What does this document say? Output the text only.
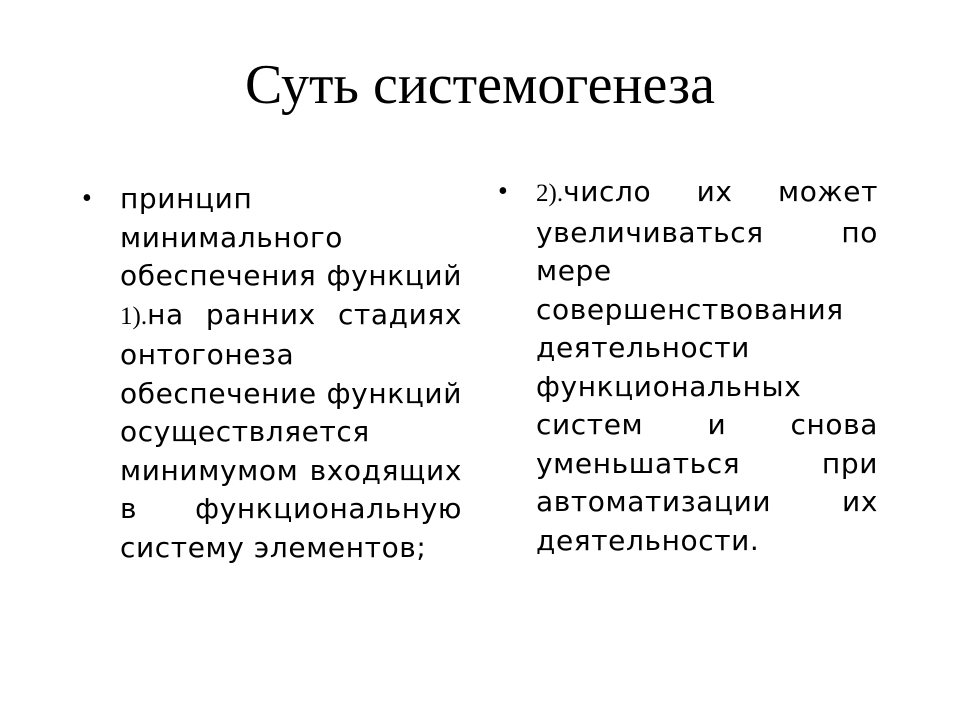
Суть системогенеза
• принцип минимального обеспечения функций 1).на ранних стадиях онтогонеза обеспечение функций осуществляется минимумом входящих в функциональную систему элементов;
• 2).число их может увеличиваться по мере совершенствования деятельности функциональных систем и снова уменьшаться при автоматизации их деятельности.
